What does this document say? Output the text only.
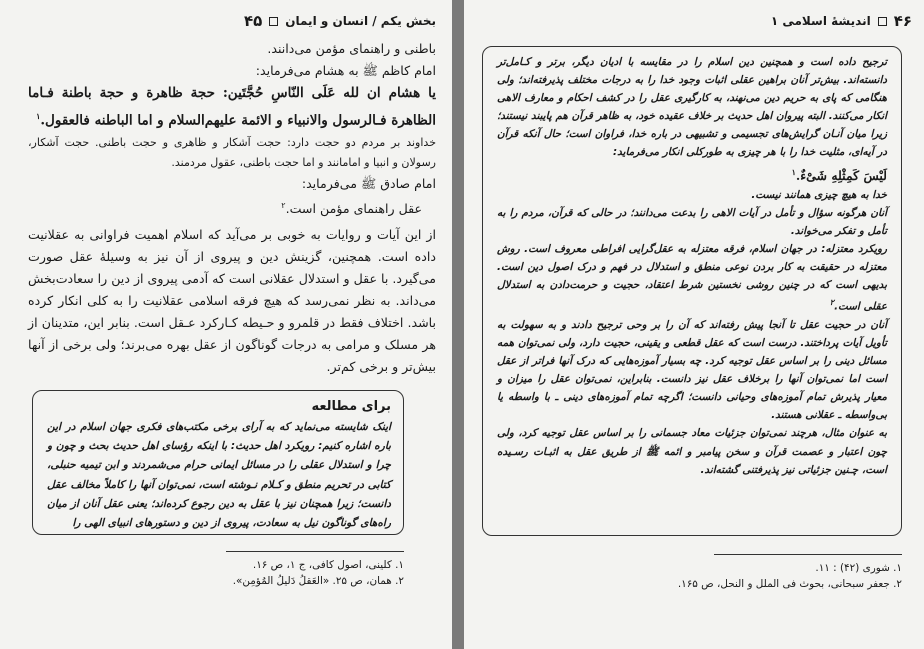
بخش یکم / انسان و ایمان
۴۵

باطنی و راهنمای مؤمن می‌دانند.

امام کاظم ﷺ به هشام می‌فرماید:

یا هشام ان لله عَلَی النّاسِ حُجَّتَین: حجة ظاهرة و حجة باطنة فـاما الظاهرة فـالرسول والانبیاء و الائمة علیهم‌السلام و اما الباطنه فالعقول.$^۱$

خداوند بر مردم دو حجت دارد: حجت آشکار و ظاهری و حجت باطنی. حجت آشکار، رسولان و انبیا و امامانند و اما حجت باطنی، عقول مردمند.

امام صادق ﷺ می‌فرماید:

عقل راهنمای مؤمن است.$^۲$

از این آیات و روایات به خوبی بر می‌آید که اسلام اهمیت فراوانی به عقلانیت داده است. همچنین، گزینش دین و پیروی از آن نیز به وسیلهٔ عقل صورت می‌گیرد. با عقل و استدلال عقلانی است که آدمی پیروی از دین را سعادت‌بخش می‌داند. به نظر نمی‌رسد که هیچ فرقه اسلامی عقلانیت را به کلی انکار کرده باشد. اختلاف فقط در قلمرو و حـیطه کـارکرد عـقل است. بنابر این، متدینان از هر مسلک و مرامی به درجات گوناگون از عقل بهره می‌برند؛ ولی برخی از آنها بیش‌تر و برخی کم‌تر.

برای مطالعه

اینک شایسته می‌نماید که به آرای برخی مکتب‌های فکری جهان اسلام در این باره اشاره کنیم: رویکرد اهل حدیث: با اینکه رؤسای اهل حدیث بحث و چون و چرا و استدلال عقلی را در مسائل ایمانی حرام می‌شمردند و ابن تیمیه حنبلی، کتابی در تحریم منطق و کـلام نـوشته است، نمی‌توان آنها را کاملاً مخالف عقل دانست؛ زیرا همچنان نیز با عقل به دین رجوع کرده‌اند؛ یعنی عقل آنان از میان راه‌های گوناگون نیل به سعادت، پیروی از دین و دستورهای انبیای الهی را

۱. کلینی، اصول کافی، ج ۱، ص ۱۶.
۲. همان، ص ۲۵. «العَقلُ دَلیلُ المُؤمِن».
۴۶
اندیشهٔ اسلامی ۱

ترجیح داده است و همچنین دین اسلام را در مقایسه با ادیان دیگر، برتر و کـامل‌تر دانسته‌اند. بیش‌تر آنان براهین عقلی اثبات وجود خدا را به درجات مختلف پذیرفته‌اند؛ ولی هنگامی که پای به حریم دین می‌نهند، به کارگیری عقل را در کشف احکام و معارف الاهی انکار می‌کنند. البته پیروان اهل حدیث بر خلاف عقیده خود، به ظاهر قرآن هم پایبند نیستند؛ زیرا میان آنـان گرایش‌های تجسیمی و تشبیهی در باره خدا، فراوان است؛ حال آنکه قرآن در آیه‌ای، مثلیت خدا را با هر چیزی به طورکلی انکار می‌فرماید:

لَیْسَ کَمِثْلِهِ شَیْءٌ.$^۱$

خدا به هیچ چیزی همانند نیست.

آنان هرگونه سؤال و تأمل در آیات الاهی را بدعت می‌دانند؛ در حالی که قرآن، مردم را به تأمل و تفکر می‌خواند.

رویکرد معتزله: در جهان اسلام، فرقه معتزله به عقل‌گرایی افراطی معروف است. روش معتزله در حقیقت به کار بردن نوعی منطق و استدلال در فهم و درک اصول دین است. بدیهی است که در چنین روشی نخستین شرط اعتقاد، حجیت و حرمت‌دادن به استدلال عقلی است.$^۲$

آنان در حجیت عقل تا آنجا پیش رفته‌اند که آن را بر وحی ترجیح دادند و به سهولت به تأویل آیات پرداختند. درست است که عقل قطعی و یقینی، حجیت دارد، ولی نمی‌توان همه مسائل دینی را بر اساس عقل توجیه کرد. چه بسیار آموزه‌هایی که درک آنها فراتر از عقل است اما نمی‌توان آنها را برخلاف عقل نیز دانست. بنابراین، نمی‌توان عقل را میزان و معیار پذیرش تمام آموزه‌های وحیانی دانست؛ اگرچه تمام آموزه‌های دینی ـ با واسطه یا بی‌واسطه ـ عقلانی هستند.

به عنوان مثال، هرچند نمی‌توان جزئیات معاد جسمانی را بر اساس عقل توجیه کرد، ولی چون اعتبار و عصمت قرآن و سخن پیامبر و ائمه ﷺ از طریق عقل به اثبـات رسـیده است، چـنین جزئیاتی نیز پذیرفتنی گشته‌اند.

۱. شوری (۴۲) : ۱۱.
۲. جعفر سبحانی، بحوث فی الملل و النحل، ص ۱۶۵.
